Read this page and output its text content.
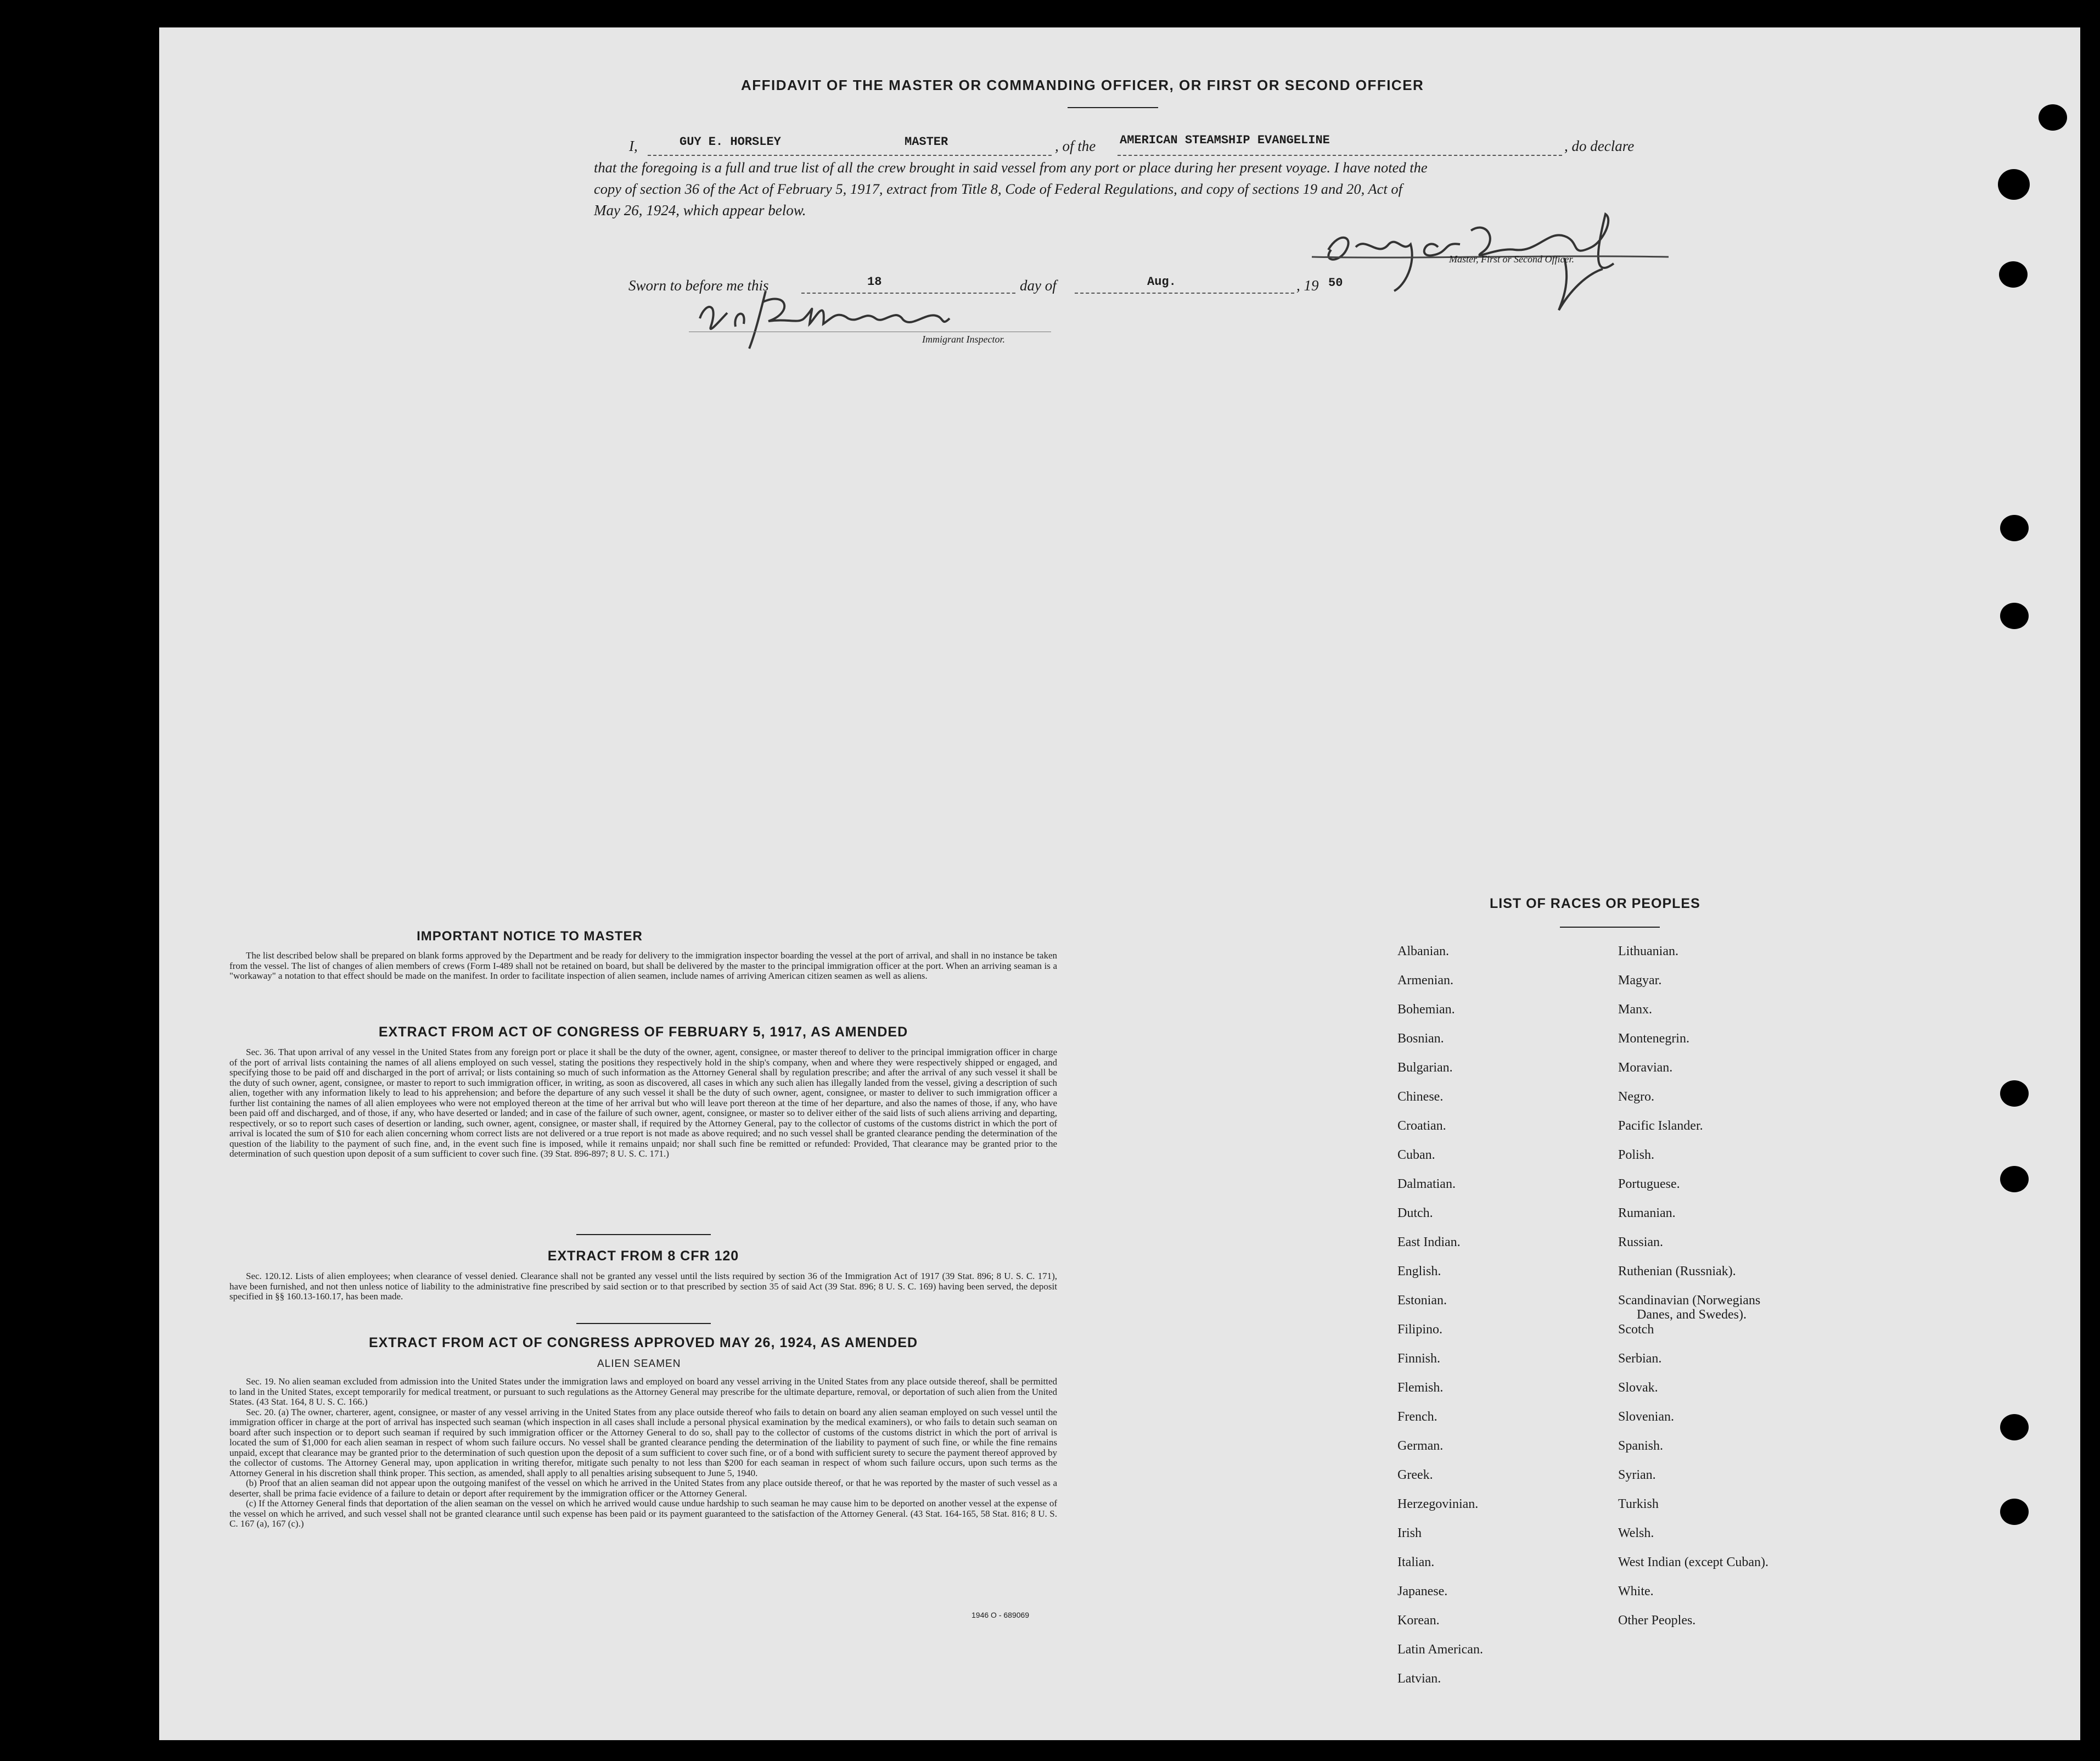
AFFIDAVIT OF THE MASTER OR COMMANDING OFFICER, OR FIRST OR SECOND OFFICER
I,	GUY E. HORSLEY	MASTER	, of the AMERICAN STEAMSHIP EVANGELINE	, do declare
that the foregoing is a full and true list of all the crew brought in said vessel from any port or place during her present voyage. I have noted the
copy of section 36 of the Act of February 5, 1917, extract from Title 8, Code of Federal Regulations, and copy of sections 19 and 20, Act of
May 26, 1924, which appear below.
Master, First or Second Officer.
Sworn to before me this	18	day of	Aug.	, 19 50
Immigrant Inspector.
IMPORTANT NOTICE TO MASTER

The list described below shall be prepared on blank forms approved by the Department and be ready for delivery to the immigration inspector boarding the vessel at the port of arrival, and shall in no instance be taken from the vessel. The list of changes of alien members of crews (Form I-489 shall not be retained on board, but shall be delivered by the master to the principal immigration officer at the port. When an arriving seaman is a "workaway" a notation to that effect should be made on the manifest. In order to facilitate inspection of alien seamen, include names of arriving American citizen seamen as well as aliens.

EXTRACT FROM ACT OF CONGRESS OF FEBRUARY 5, 1917, AS AMENDED

Sec. 36. That upon arrival of any vessel in the United States from any foreign port or place it shall be the duty of the owner, agent, consignee, or master thereof to deliver to the principal immigration officer in charge of the port of arrival lists containing the names of all aliens employed on such vessel, stating the positions they respectively hold in the ship's company, when and where they were respectively shipped or engaged, and specifying those to be paid off and discharged in the port of arrival; or lists containing so much of such information as the Attorney General shall by regulation prescribe; and after the arrival of any such vessel it shall be the duty of such owner, agent, consignee, or master to report to such immigration officer, in writing, as soon as discovered, all cases in which any such alien has illegally landed from the vessel, giving a description of such alien, together with any information likely to lead to his apprehension; and before the departure of any such vessel it shall be the duty of such owner, agent, consignee, or master to deliver to such immigration officer a further list containing the names of all alien employees who were not employed thereon at the time of her arrival but who will leave port thereon at the time of her departure, and also the names of those, if any, who have been paid off and discharged, and of those, if any, who have deserted or landed; and in case of the failure of such owner, agent, consignee, or master so to deliver either of the said lists of such aliens arriving and departing, respectively, or so to report such cases of desertion or landing, such owner, agent, consignee, or master shall, if required by the Attorney General, pay to the collector of customs of the customs district in which the port of arrival is located the sum of $10 for each alien concerning whom correct lists are not delivered or a true report is not made as above required; and no such vessel shall be granted clearance pending the determination of the question of the liability to the payment of such fine, and, in the event such fine is imposed, while it remains unpaid; nor shall such fine be remitted or refunded: Provided, That clearance may be granted prior to the determination of such question upon deposit of a sum sufficient to cover such fine. (39 Stat. 896-897; 8 U. S. C. 171.)

EXTRACT FROM 8 CFR 120

Sec. 120.12. Lists of alien employees; when clearance of vessel denied. Clearance shall not be granted any vessel until the lists required by section 36 of the Immigration Act of 1917 (39 Stat. 896; 8 U. S. C. 171), have been furnished, and not then unless notice of liability to the administrative fine prescribed by said section or to that prescribed by section 35 of said Act (39 Stat. 896; 8 U. S. C. 169) having been served, the deposit specified in §§ 160.13-160.17, has been made.

EXTRACT FROM ACT OF CONGRESS APPROVED MAY 26, 1924, AS AMENDED
ALIEN SEAMEN

Sec. 19. No alien seaman excluded from admission into the United States under the immigration laws and employed on board any vessel arriving in the United States from any place outside thereof, shall be permitted to land in the United States, except temporarily for medical treatment, or pursuant to such regulations as the Attorney General may prescribe for the ultimate departure, removal, or deportation of such alien from the United States. (43 Stat. 164, 8 U. S. C. 166.)

Sec. 20. (a) The owner, charterer, agent, consignee, or master of any vessel arriving in the United States from any place outside thereof who fails to detain on board any alien seaman employed on such vessel until the immigration officer in charge at the port of arrival has inspected such seaman (which inspection in all cases shall include a personal physical examination by the medical examiners), or who fails to detain such seaman on board after such inspection or to deport such seaman if required by such immigration officer or the Attorney General to do so, shall pay to the collector of customs of the customs district in which the port of arrival is located the sum of $1,000 for each alien seaman in respect of whom such failure occurs. No vessel shall be granted clearance pending the determination of the liability to payment of such fine, or while the fine remains unpaid, except that clearance may be granted prior to the determination of such question upon the deposit of a sum sufficient to cover such fine, or of a bond with sufficient surety to secure the payment thereof approved by the collector of customs. The Attorney General may, upon application in writing therefor, mitigate such penalty to not less than $200 for each seaman in respect of whom such failure occurs, upon such terms as the Attorney General in his discretion shall think proper. This section, as amended, shall apply to all penalties arising subsequent to June 5, 1940.

(b) Proof that an alien seaman did not appear upon the outgoing manifest of the vessel on which he arrived in the United States from any place outside thereof, or that he was reported by the master of such vessel as a deserter, shall be prima facie evidence of a failure to detain or deport after requirement by the immigration officer or the Attorney General.

(c) If the Attorney General finds that deportation of the alien seaman on the vessel on which he arrived would cause undue hardship to such seaman he may cause him to be deported on another vessel at the expense of the vessel on which he arrived, and such vessel shall not be granted clearance until such expense has been paid or its payment guaranteed to the satisfaction of the Attorney General. (43 Stat. 164-165, 58 Stat. 816; 8 U. S. C. 167 (a), 167 (c).)

1946 O - 689069
LIST OF RACES OR PEOPLES
Albanian.
Armenian.
Bohemian.
Bosnian.
Bulgarian.
Chinese.
Croatian.
Cuban.
Dalmatian.
Dutch.
East Indian.
English.
Estonian.
Filipino.
Finnish.
Flemish.
French.
German.
Greek.
Herzegovinian.
Irish
Italian.
Japanese.
Korean.
Latin American.
Latvian.
Lithuanian.
Magyar.
Manx.
Montenegrin.
Moravian.
Negro.
Pacific Islander.
Polish.
Portuguese.
Rumanian.
Russian.
Ruthenian (Russniak).
Scandinavian (Norwegians
Danes, and Swedes).
Scotch
Serbian.
Slovak.
Slovenian.
Spanish.
Syrian.
Turkish
Welsh.
West Indian (except Cuban).
White.
Other Peoples.
